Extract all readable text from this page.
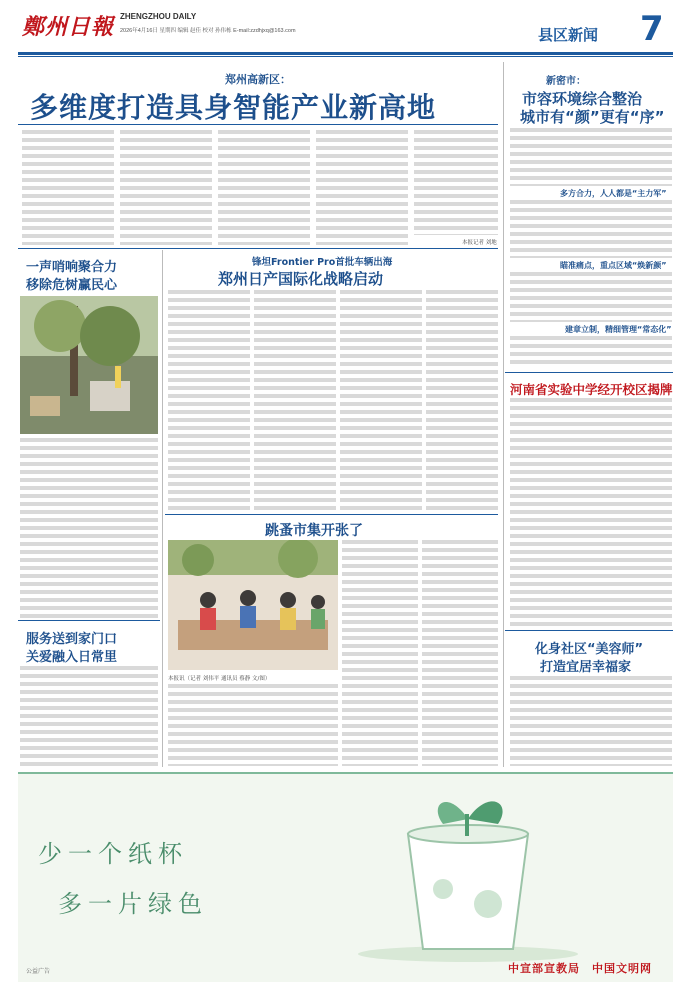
鄭州日報 ZHENGZHOU DAILY
2026年4月16日 星期四 编辑 赵佳 校对 孙伟栋 E-mail:zzdhjxq@163.com	县区新闻 7
郑州高新区：
多维度打造具身智能产业新高地
本报记者 刘地
新密市：
市容环境综合整治
城市有“颜”更有“序”
多方合力，人人都是“主力军”
瞄准痛点，重点区域“焕新颜”
建章立制，精细管理“常态化”
河南省实验中学经开校区揭牌
化身社区“美容师”
打造宜居幸福家
一声哨响聚合力
移除危树赢民心
服务送到家门口
关爱融入日常里
锋坦Frontier Pro首批车辆出海
郑州日产国际化战略启动
跳蚤市集开张了
本报讯（记者 刘伟平 通讯员 蔡静 文/图）
少一个纸杯
多一片绿色
公益广告	中宣部宣教局　中国文明网
